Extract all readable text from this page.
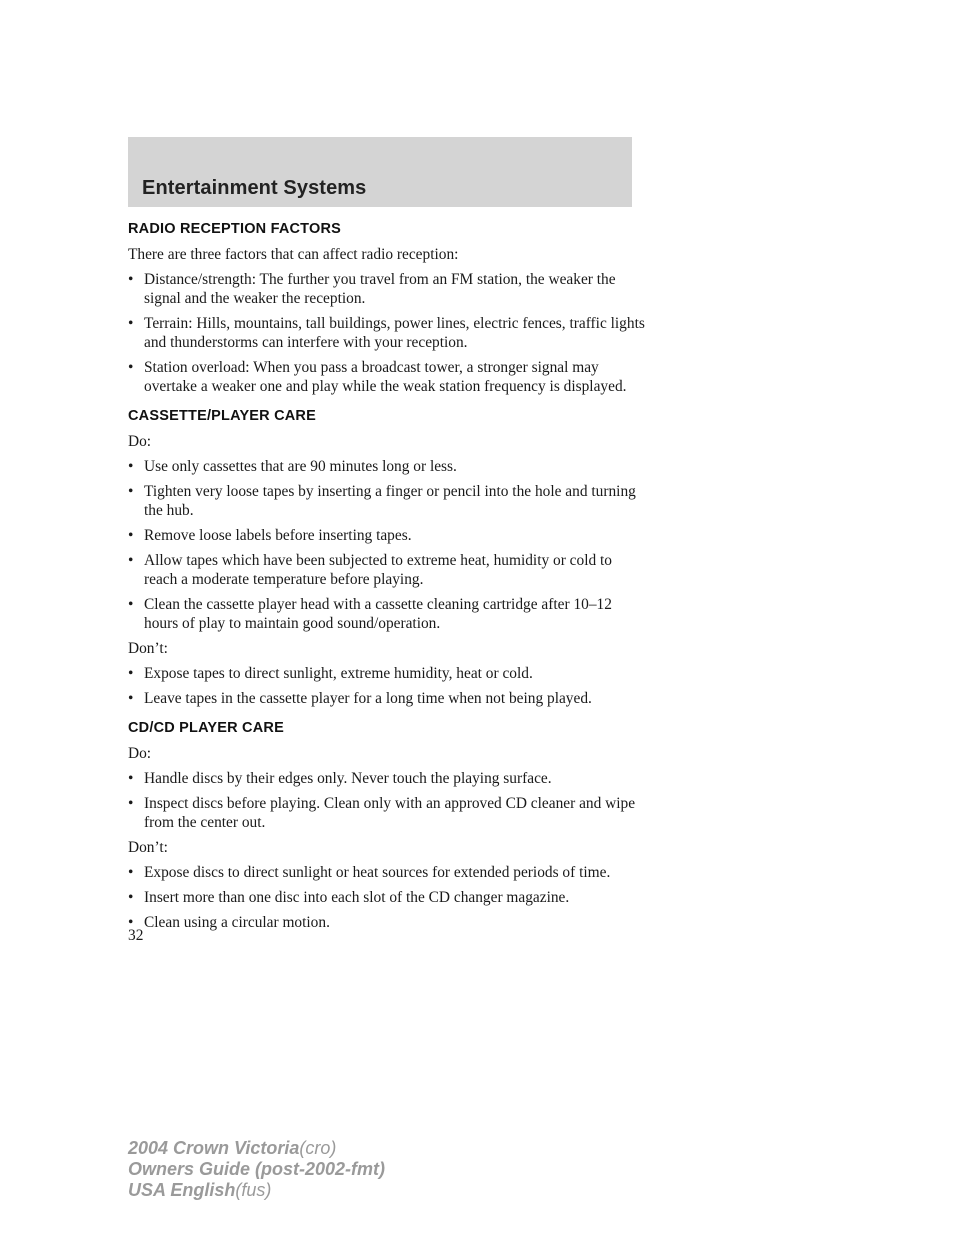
Entertainment Systems
RADIO RECEPTION FACTORS

There are three factors that can affect radio reception:

• Distance/strength: The further you travel from an FM station, the weaker the signal and the weaker the reception.
• Terrain: Hills, mountains, tall buildings, power lines, electric fences, traffic lights and thunderstorms can interfere with your reception.
• Station overload: When you pass a broadcast tower, a stronger signal may overtake a weaker one and play while the weak station frequency is displayed.
CASSETTE/PLAYER CARE

Do:

• Use only cassettes that are 90 minutes long or less.
• Tighten very loose tapes by inserting a finger or pencil into the hole and turning the hub.
• Remove loose labels before inserting tapes.
• Allow tapes which have been subjected to extreme heat, humidity or cold to reach a moderate temperature before playing.
• Clean the cassette player head with a cassette cleaning cartridge after 10–12 hours of play to maintain good sound/operation.

Don’t:

• Expose tapes to direct sunlight, extreme humidity, heat or cold.
• Leave tapes in the cassette player for a long time when not being played.
CD/CD PLAYER CARE

Do:

• Handle discs by their edges only. Never touch the playing surface.
• Inspect discs before playing. Clean only with an approved CD cleaner and wipe from the center out.

Don’t:

• Expose discs to direct sunlight or heat sources for extended periods of time.
• Insert more than one disc into each slot of the CD changer magazine.
• Clean using a circular motion.
32
2004 Crown Victoria(cro)
Owners Guide (post-2002-fmt)
USA English(fus)
